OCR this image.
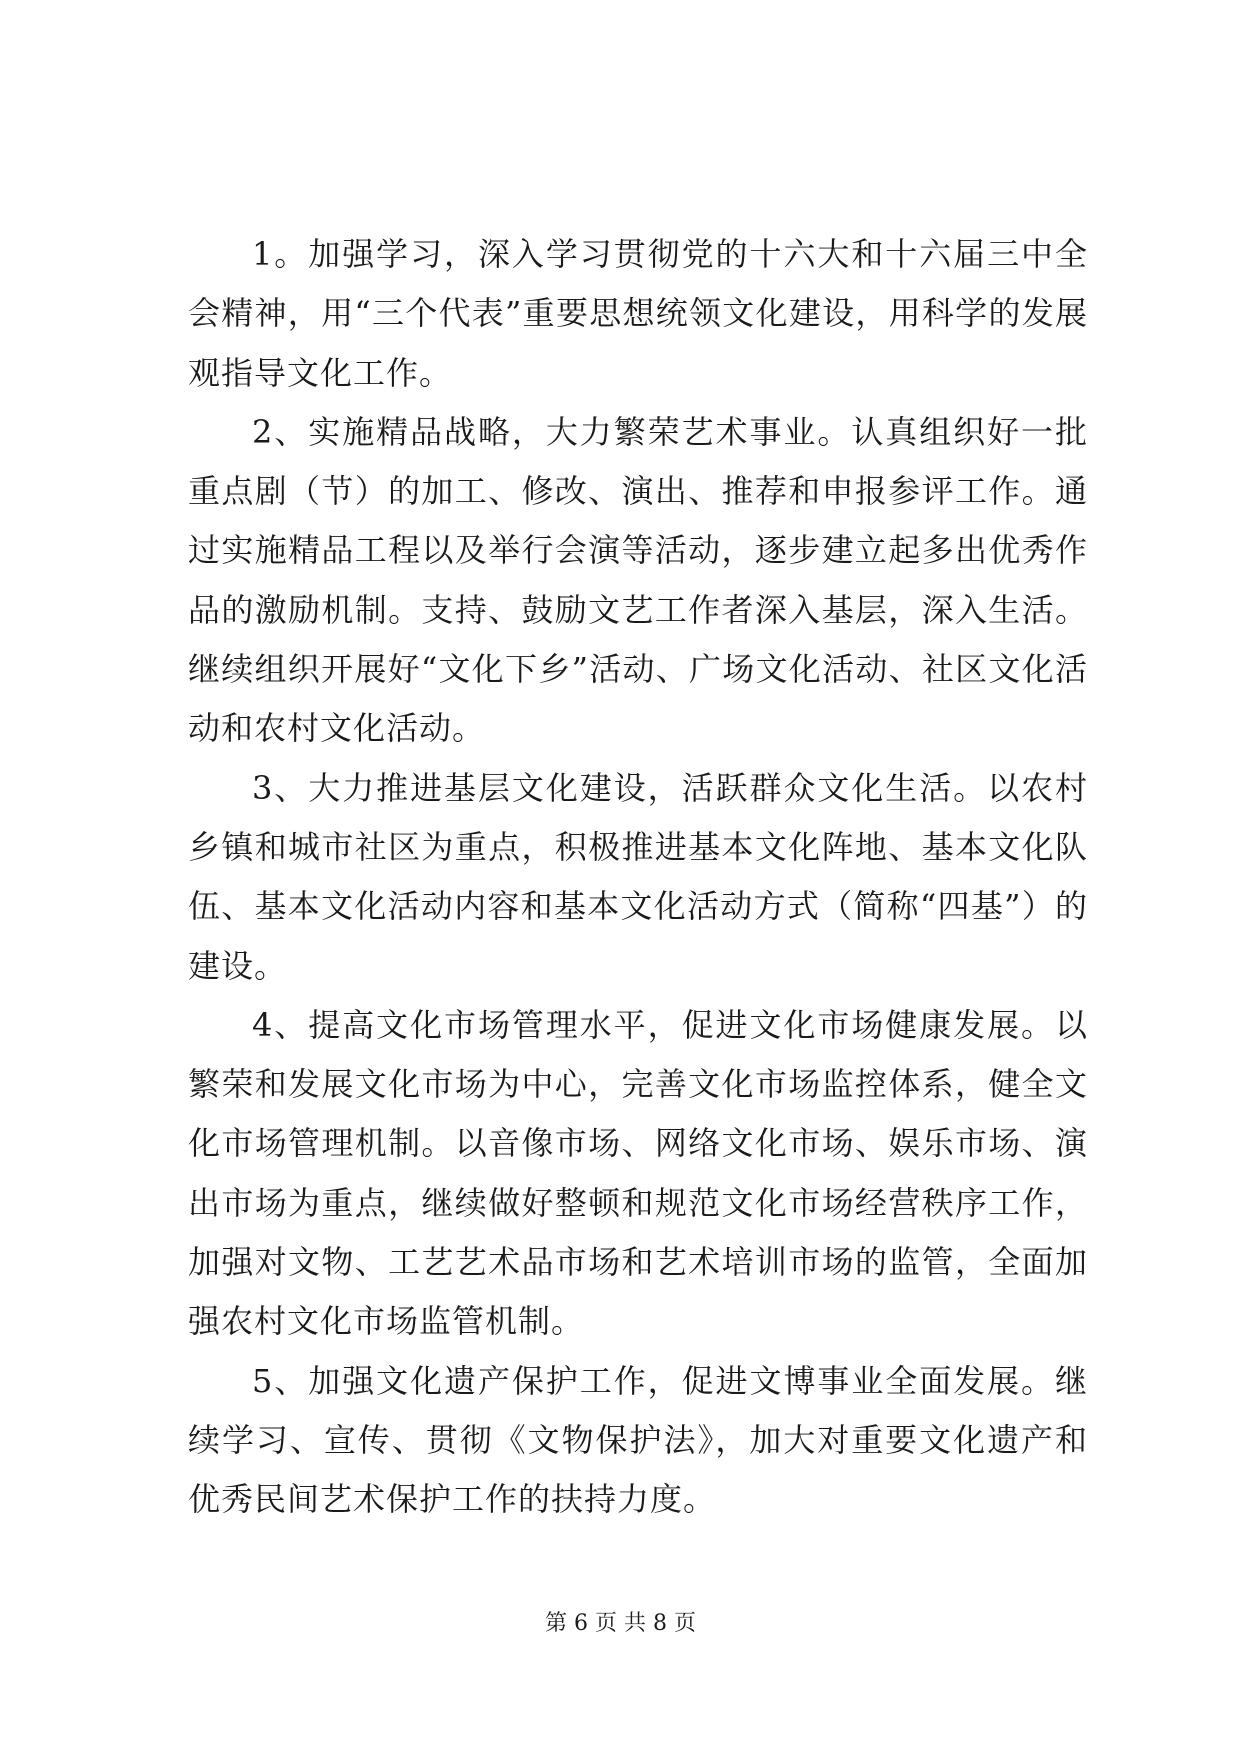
1。加强学习，深入学习贯彻党的十六大和十六届三中全会精神，用“三个代表”重要思想统领文化建设，用科学的发展观指导文化工作。

2、实施精品战略，大力繁荣艺术事业。认真组织好一批重点剧（节）的加工、修改、演出、推荐和申报参评工作。通过实施精品工程以及举行会演等活动，逐步建立起多出优秀作品的激励机制。支持、鼓励文艺工作者深入基层，深入生活。继续组织开展好“文化下乡”活动、广场文化活动、社区文化活动和农村文化活动。

3、大力推进基层文化建设，活跃群众文化生活。以农村乡镇和城市社区为重点，积极推进基本文化阵地、基本文化队伍、基本文化活动内容和基本文化活动方式（简称“四基”）的建设。

4、提高文化市场管理水平，促进文化市场健康发展。以繁荣和发展文化市场为中心，完善文化市场监控体系，健全文化市场管理机制。以音像市场、网络文化市场、娱乐市场、演出市场为重点，继续做好整顿和规范文化市场经营秩序工作，加强对文物、工艺艺术品市场和艺术培训市场的监管，全面加强农村文化市场监管机制。

5、加强文化遗产保护工作，促进文博事业全面发展。继续学习、宣传、贯彻《文物保护法》，加大对重要文化遗产和优秀民间艺术保护工作的扶持力度。

第 6 页 共 8 页
